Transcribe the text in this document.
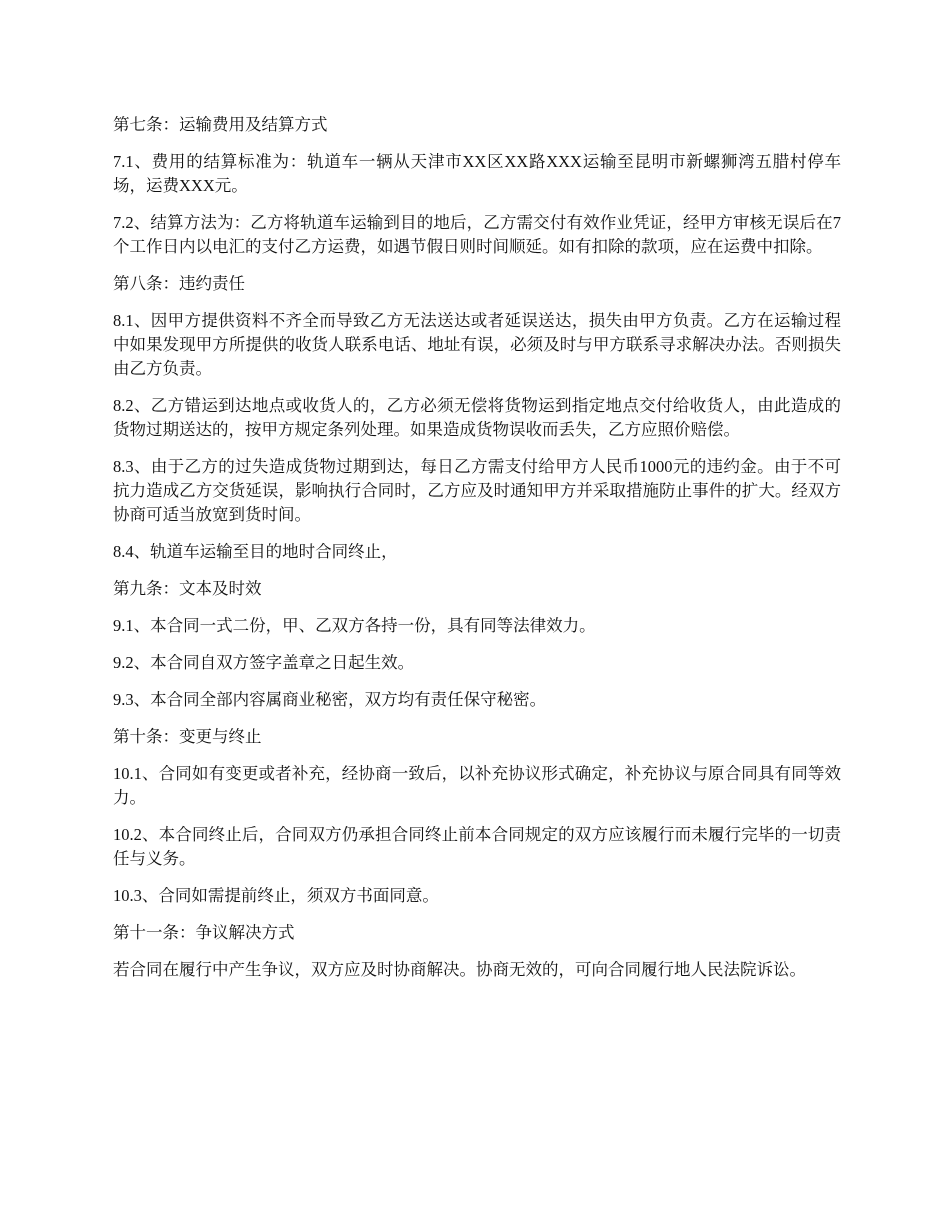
第七条：运输费用及结算方式

7.1、费用的结算标准为：轨道车一辆从天津市XX区XX路XXX运输至昆明市新螺狮湾五腊村停车场，运费XXX元。

7.2、结算方法为：乙方将轨道车运输到目的地后，乙方需交付有效作业凭证，经甲方审核无误后在7个工作日内以电汇的支付乙方运费，如遇节假日则时间顺延。如有扣除的款项，应在运费中扣除。

第八条：违约责任

8.1、因甲方提供资料不齐全而导致乙方无法送达或者延误送达，损失由甲方负责。乙方在运输过程中如果发现甲方所提供的收货人联系电话、地址有误，必须及时与甲方联系寻求解决办法。否则损失由乙方负责。

8.2、乙方错运到达地点或收货人的，乙方必须无偿将货物运到指定地点交付给收货人，由此造成的货物过期送达的，按甲方规定条列处理。如果造成货物误收而丢失，乙方应照价赔偿。

8.3、由于乙方的过失造成货物过期到达，每日乙方需支付给甲方人民币1000元的违约金。由于不可抗力造成乙方交货延误，影响执行合同时，乙方应及时通知甲方并采取措施防止事件的扩大。经双方协商可适当放宽到货时间。

8.4、轨道车运输至目的地时合同终止，

第九条：文本及时效

9.1、本合同一式二份，甲、乙双方各持一份，具有同等法律效力。

9.2、本合同自双方签字盖章之日起生效。

9.3、本合同全部内容属商业秘密，双方均有责任保守秘密。

第十条：变更与终止

10.1、合同如有变更或者补充，经协商一致后，以补充协议形式确定，补充协议与原合同具有同等效力。

10.2、本合同终止后，合同双方仍承担合同终止前本合同规定的双方应该履行而未履行完毕的一切责任与义务。

10.3、合同如需提前终止，须双方书面同意。

第十一条：争议解决方式

若合同在履行中产生争议，双方应及时协商解决。协商无效的，可向合同履行地人民法院诉讼。
